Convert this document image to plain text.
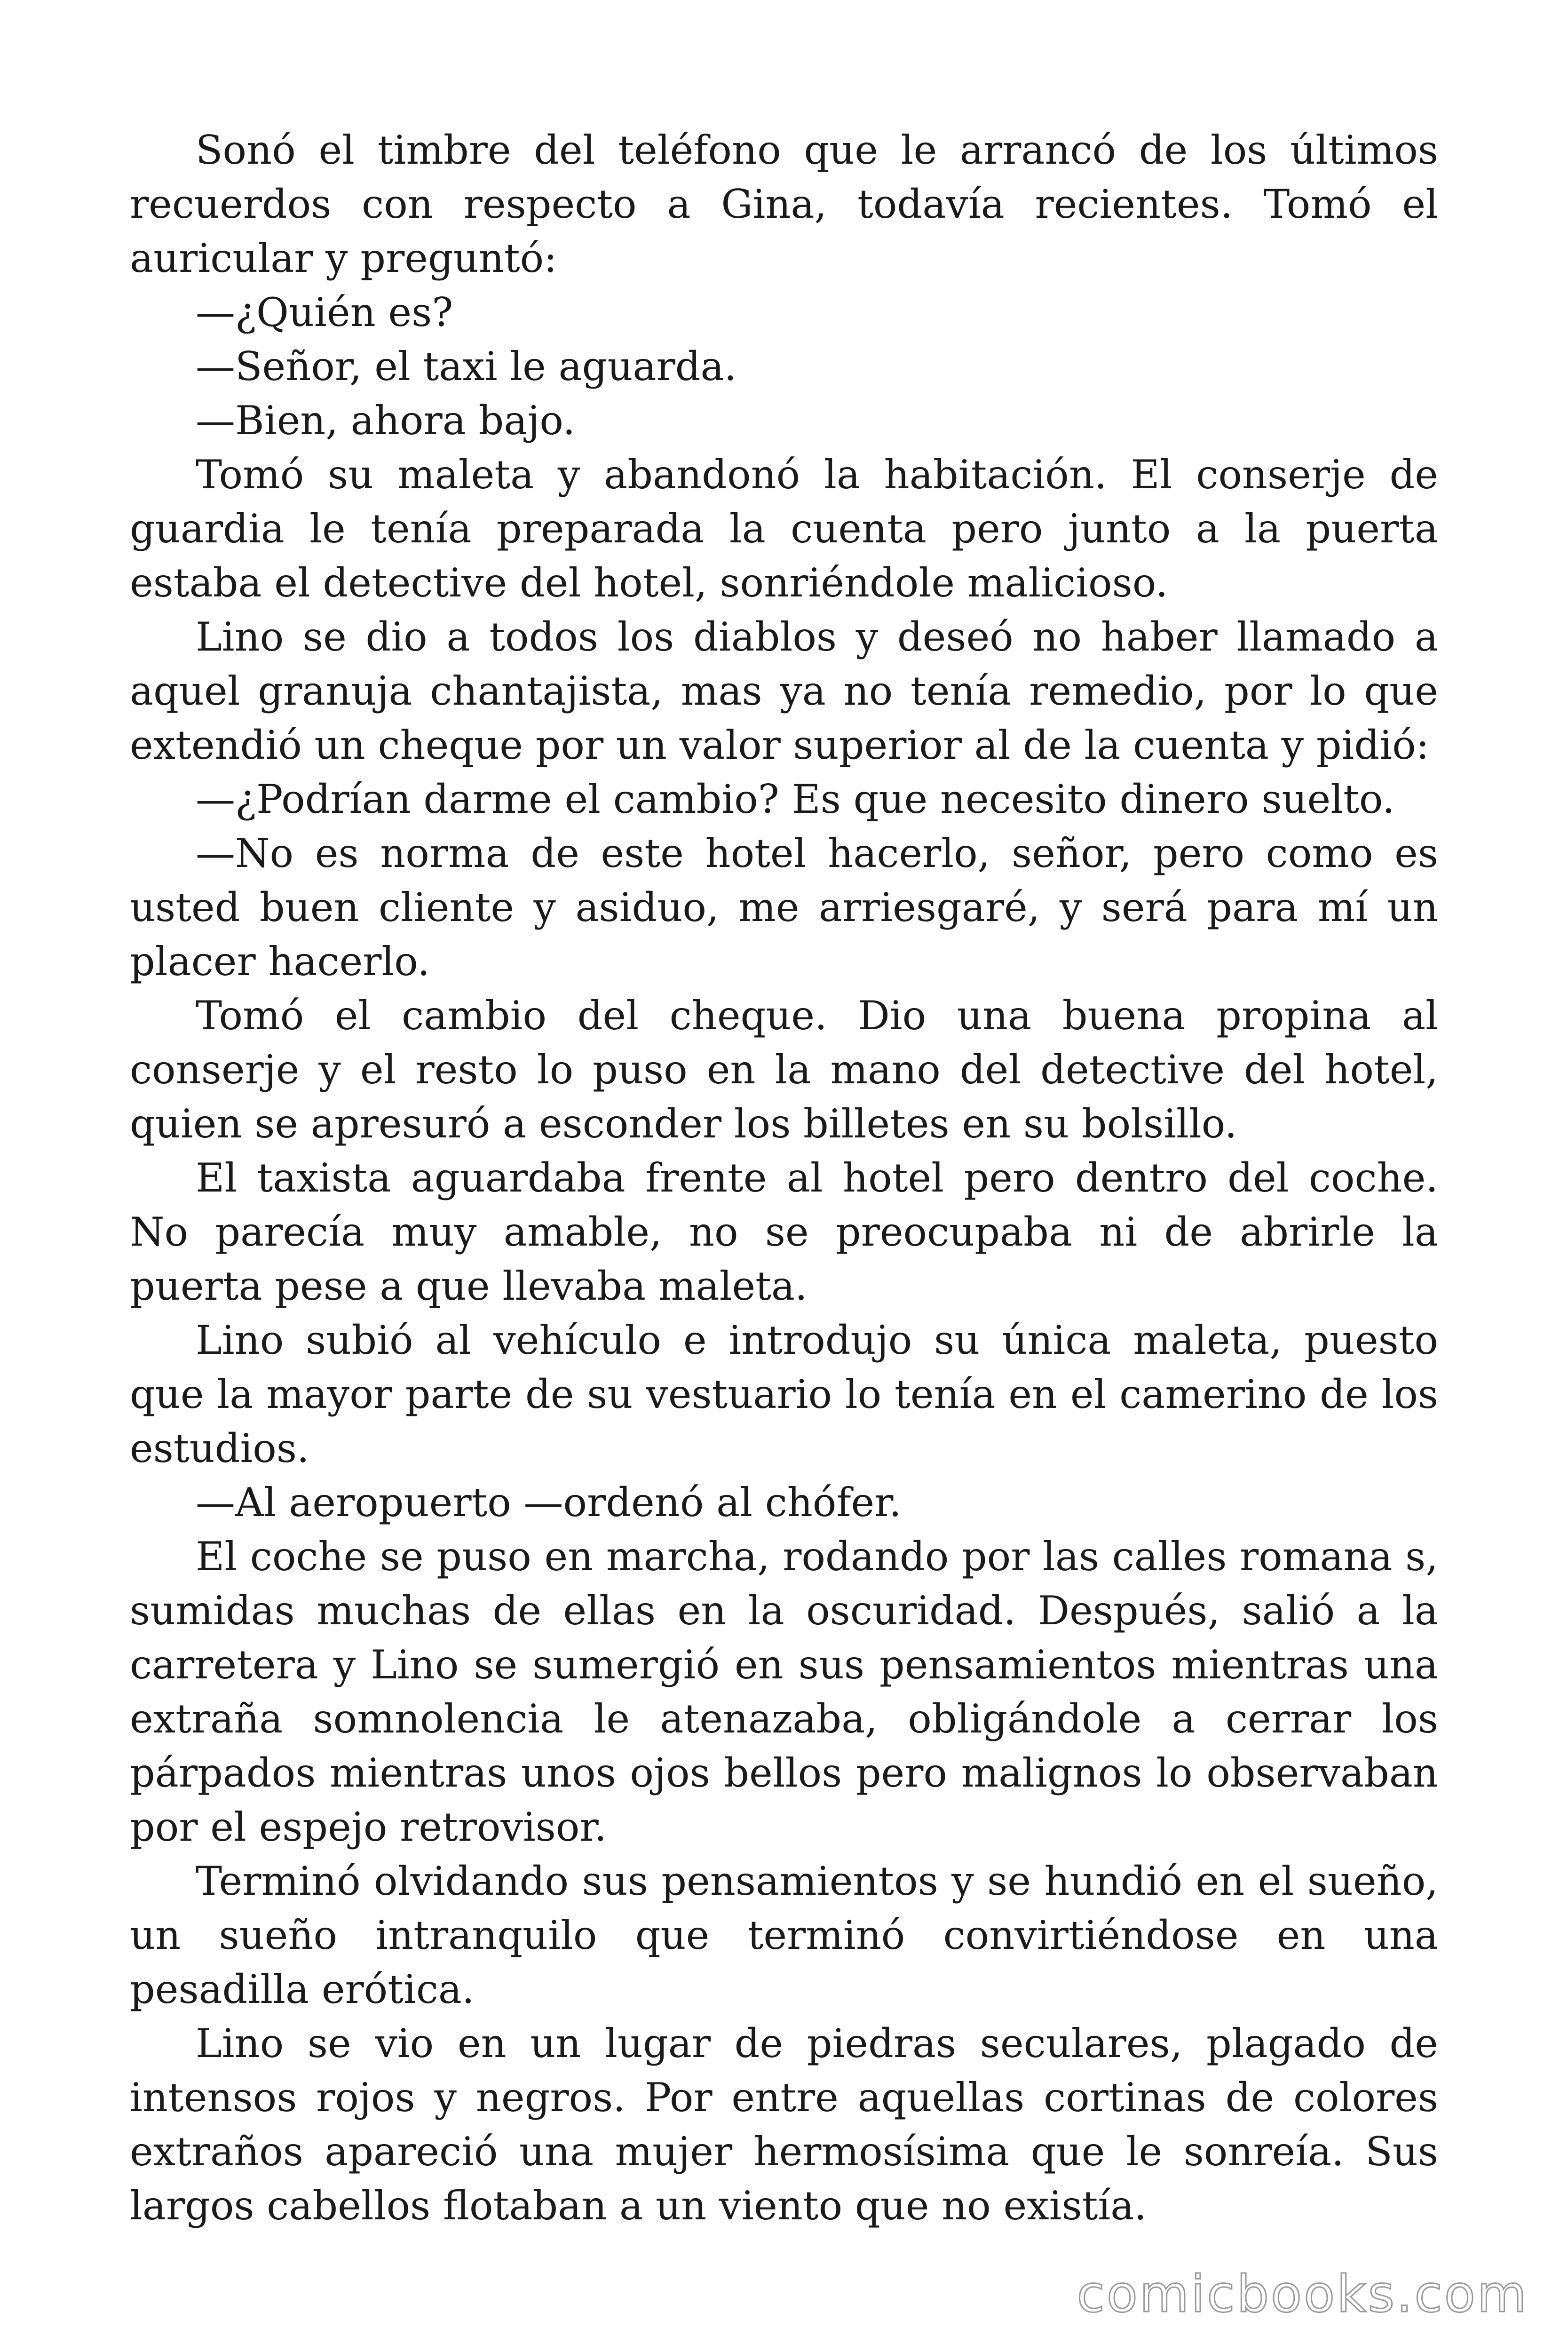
Sonó el timbre del teléfono que le arrancó de los últimos recuerdos con respecto a Gina, todavía recientes. Tomó el auricular y preguntó:

—¿Quién es?

—Señor, el taxi le aguarda.

—Bien, ahora bajo.

Tomó su maleta y abandonó la habitación. El conserje de guardia le tenía preparada la cuenta pero junto a la puerta estaba el detective del hotel, sonriéndole malicioso.

Lino se dio a todos los diablos y deseó no haber llamado a aquel granuja chantajista, mas ya no tenía remedio, por lo que extendió un cheque por un valor superior al de la cuenta y pidió:

—¿Podrían darme el cambio? Es que necesito dinero suelto.

—No es norma de este hotel hacerlo, señor, pero como es usted buen cliente y asiduo, me arriesgaré, y será para mí un placer hacerlo.

Tomó el cambio del cheque. Dio una buena propina al conserje y el resto lo puso en la mano del detective del hotel, quien se apresuró a esconder los billetes en su bolsillo.

El taxista aguardaba frente al hotel pero dentro del coche. No parecía muy amable, no se preocupaba ni de abrirle la puerta pese a que llevaba maleta.

Lino subió al vehículo e introdujo su única maleta, puesto que la mayor parte de su vestuario lo tenía en el camerino de los estudios.

—Al aeropuerto —ordenó al chófer.

El coche se puso en marcha, rodando por las calles romana s, sumidas muchas de ellas en la oscuridad. Después, salió a la carretera y Lino se sumergió en sus pensamientos mientras una extraña somnolencia le atenazaba, obligándole a cerrar los párpados mientras unos ojos bellos pero malignos lo observaban por el espejo retrovisor.

Terminó olvidando sus pensamientos y se hundió en el sueño, un sueño intranquilo que terminó convirtiéndose en una pesadilla erótica.

Lino se vio en un lugar de piedras seculares, plagado de intensos rojos y negros. Por entre aquellas cortinas de colores extraños apareció una mujer hermosísima que le sonreía. Sus largos cabellos flotaban a un viento que no existía.

comicbooks.com
